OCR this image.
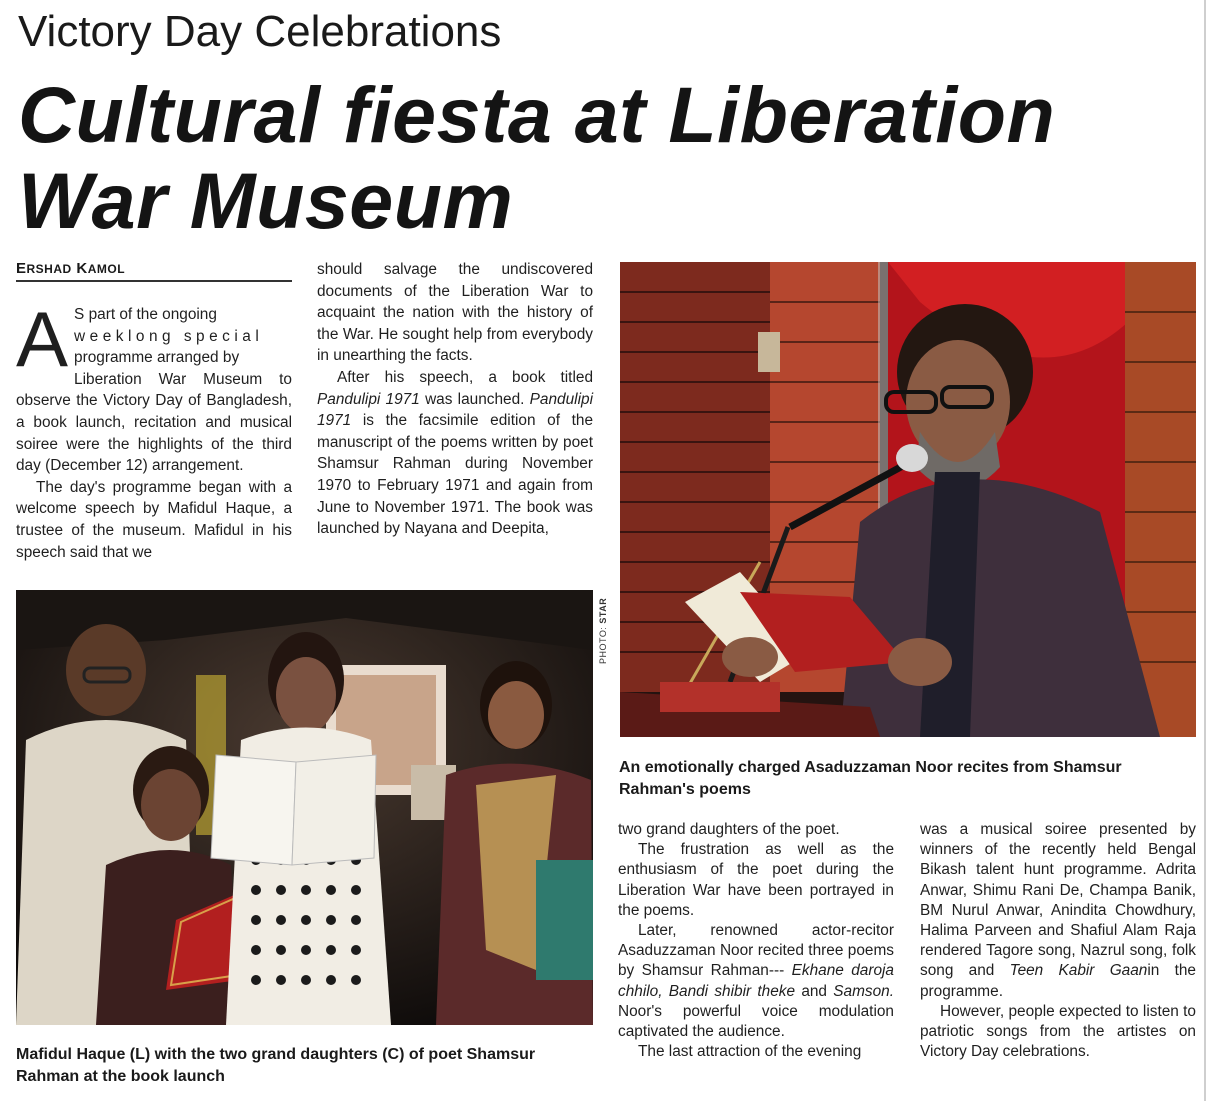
Victory Day Celebrations
Cultural fiesta at Liberation War Museum
ERSHAD KAMOL

A S part of the ongoing
weeklong special
programme arranged by
Liberation War Museum to observe the Victory Day of Bangladesh, a book launch, recitation and musical soiree were the highlights of the third day (December 12) arrangement.

The day's programme began with a welcome speech by Mafidul Haque, a trustee of the museum. Mafidul in his speech said that we

should salvage the undiscovered documents of the Liberation War to acquaint the nation with the history of the War. He sought help from everybody in unearthing the facts.

After his speech, a book titled Pandulipi 1971 was launched. Pandulipi 1971 is the facsimile edition of the manuscript of the poems written by poet Shamsur Rahman during November 1970 to February 1971 and again from June to November 1971. The book was launched by Nayana and Deepita,

two grand daughters of the poet.

The frustration as well as the enthusiasm of the poet during the Liberation War have been portrayed in the poems.

Later, renowned actor-recitor Asaduzzaman Noor recited three poems by Shamsur Rahman--- Ekhane daroja chhilo, Bandi shibir theke and Samson. Noor's powerful voice modulation captivated the audience.

The last attraction of the evening

was a musical soiree presented by winners of the recently held Bengal Bikash talent hunt programme. Adrita Anwar, Shimu Rani De, Champa Banik, BM Nurul Anwar, Anindita Chowdhury, Halima Parveen and Shafiul Alam Raja rendered Tagore song, Nazrul song, folk song and Teen Kabir Gaanin the programme.

However, people expected to listen to patriotic songs from the artistes on Victory Day celebrations.

PHOTO: STAR
Mafidul Haque (L) with the two grand daughters (C) of poet Shamsur Rahman at the book launch
An emotionally charged Asaduzzaman Noor recites from Shamsur Rahman's poems
